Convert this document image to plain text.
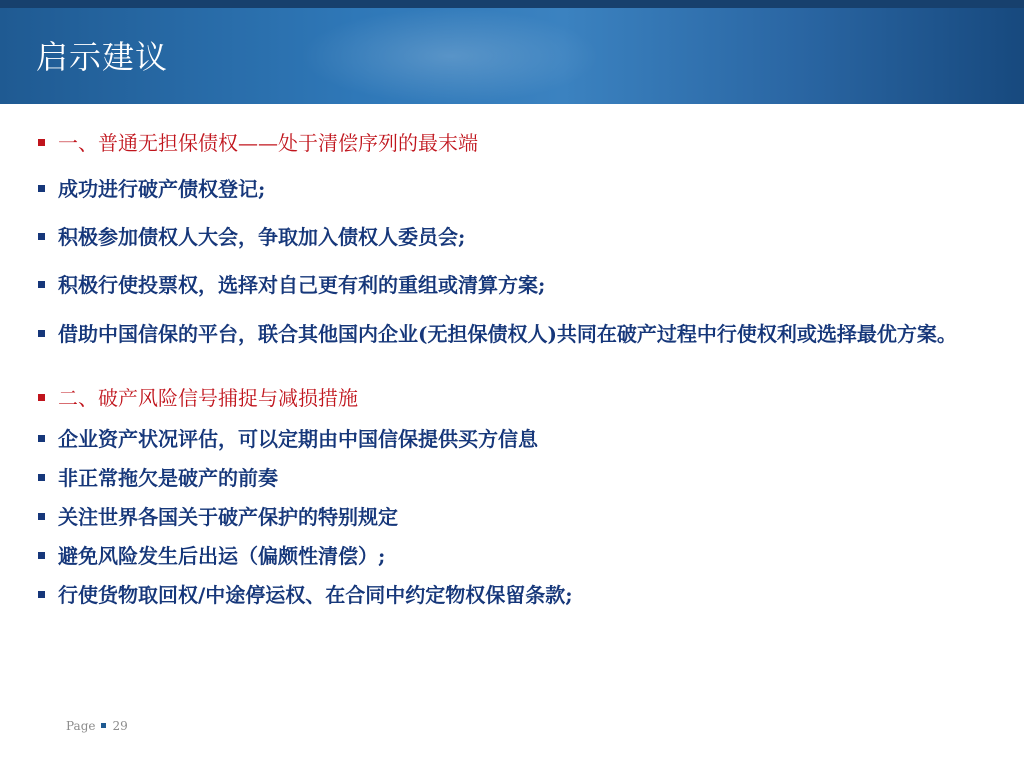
启示建议
一、普通无担保债权——处于清偿序列的最末端
成功进行破产债权登记;
积极参加债权人大会，争取加入债权人委员会;
积极行使投票权，选择对自己更有利的重组或清算方案;
借助中国信保的平台，联合其他国内企业(无担保债权人)共同在破产过程中行使权利或选择最优方案。
二、破产风险信号捕捉与减损措施
企业资产状况评估，可以定期由中国信保提供买方信息
非正常拖欠是破产的前奏
关注世界各国关于破产保护的特别规定
避免风险发生后出运（偏颇性清偿）;
行使货物取回权/中途停运权、在合同中约定物权保留条款;
Page 29
